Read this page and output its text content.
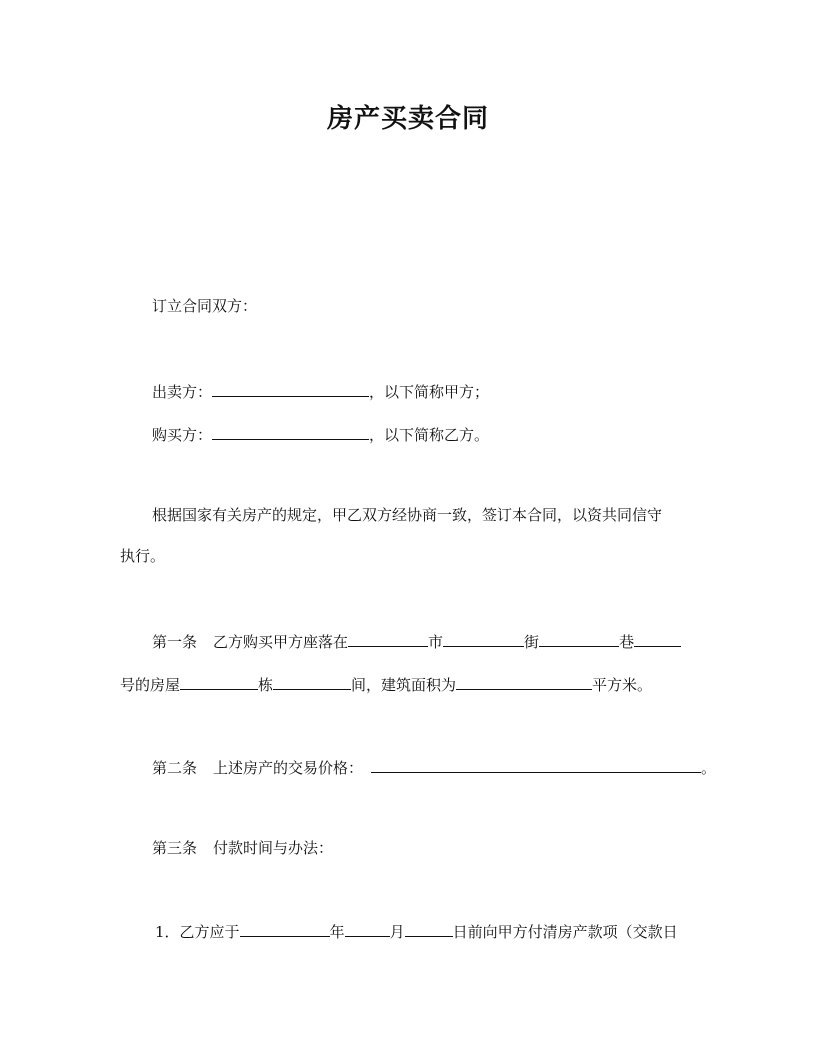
房产买卖合同
订立合同双方：
出卖方：	，以下简称甲方；
购买方：	，以下简称乙方。
根据国家有关房产的规定，甲乙双方经协商一致，签订本合同，以资共同信守
执行。
第一条 乙方购买甲方座落在	市	街	巷
号的房屋	栋	间，建筑面积为	平方米。
第二条 上述房产的交易价格：	。
第三条 付款时间与办法：
1．乙方应于	年	月	日前向甲方付清房产款项（交款日
